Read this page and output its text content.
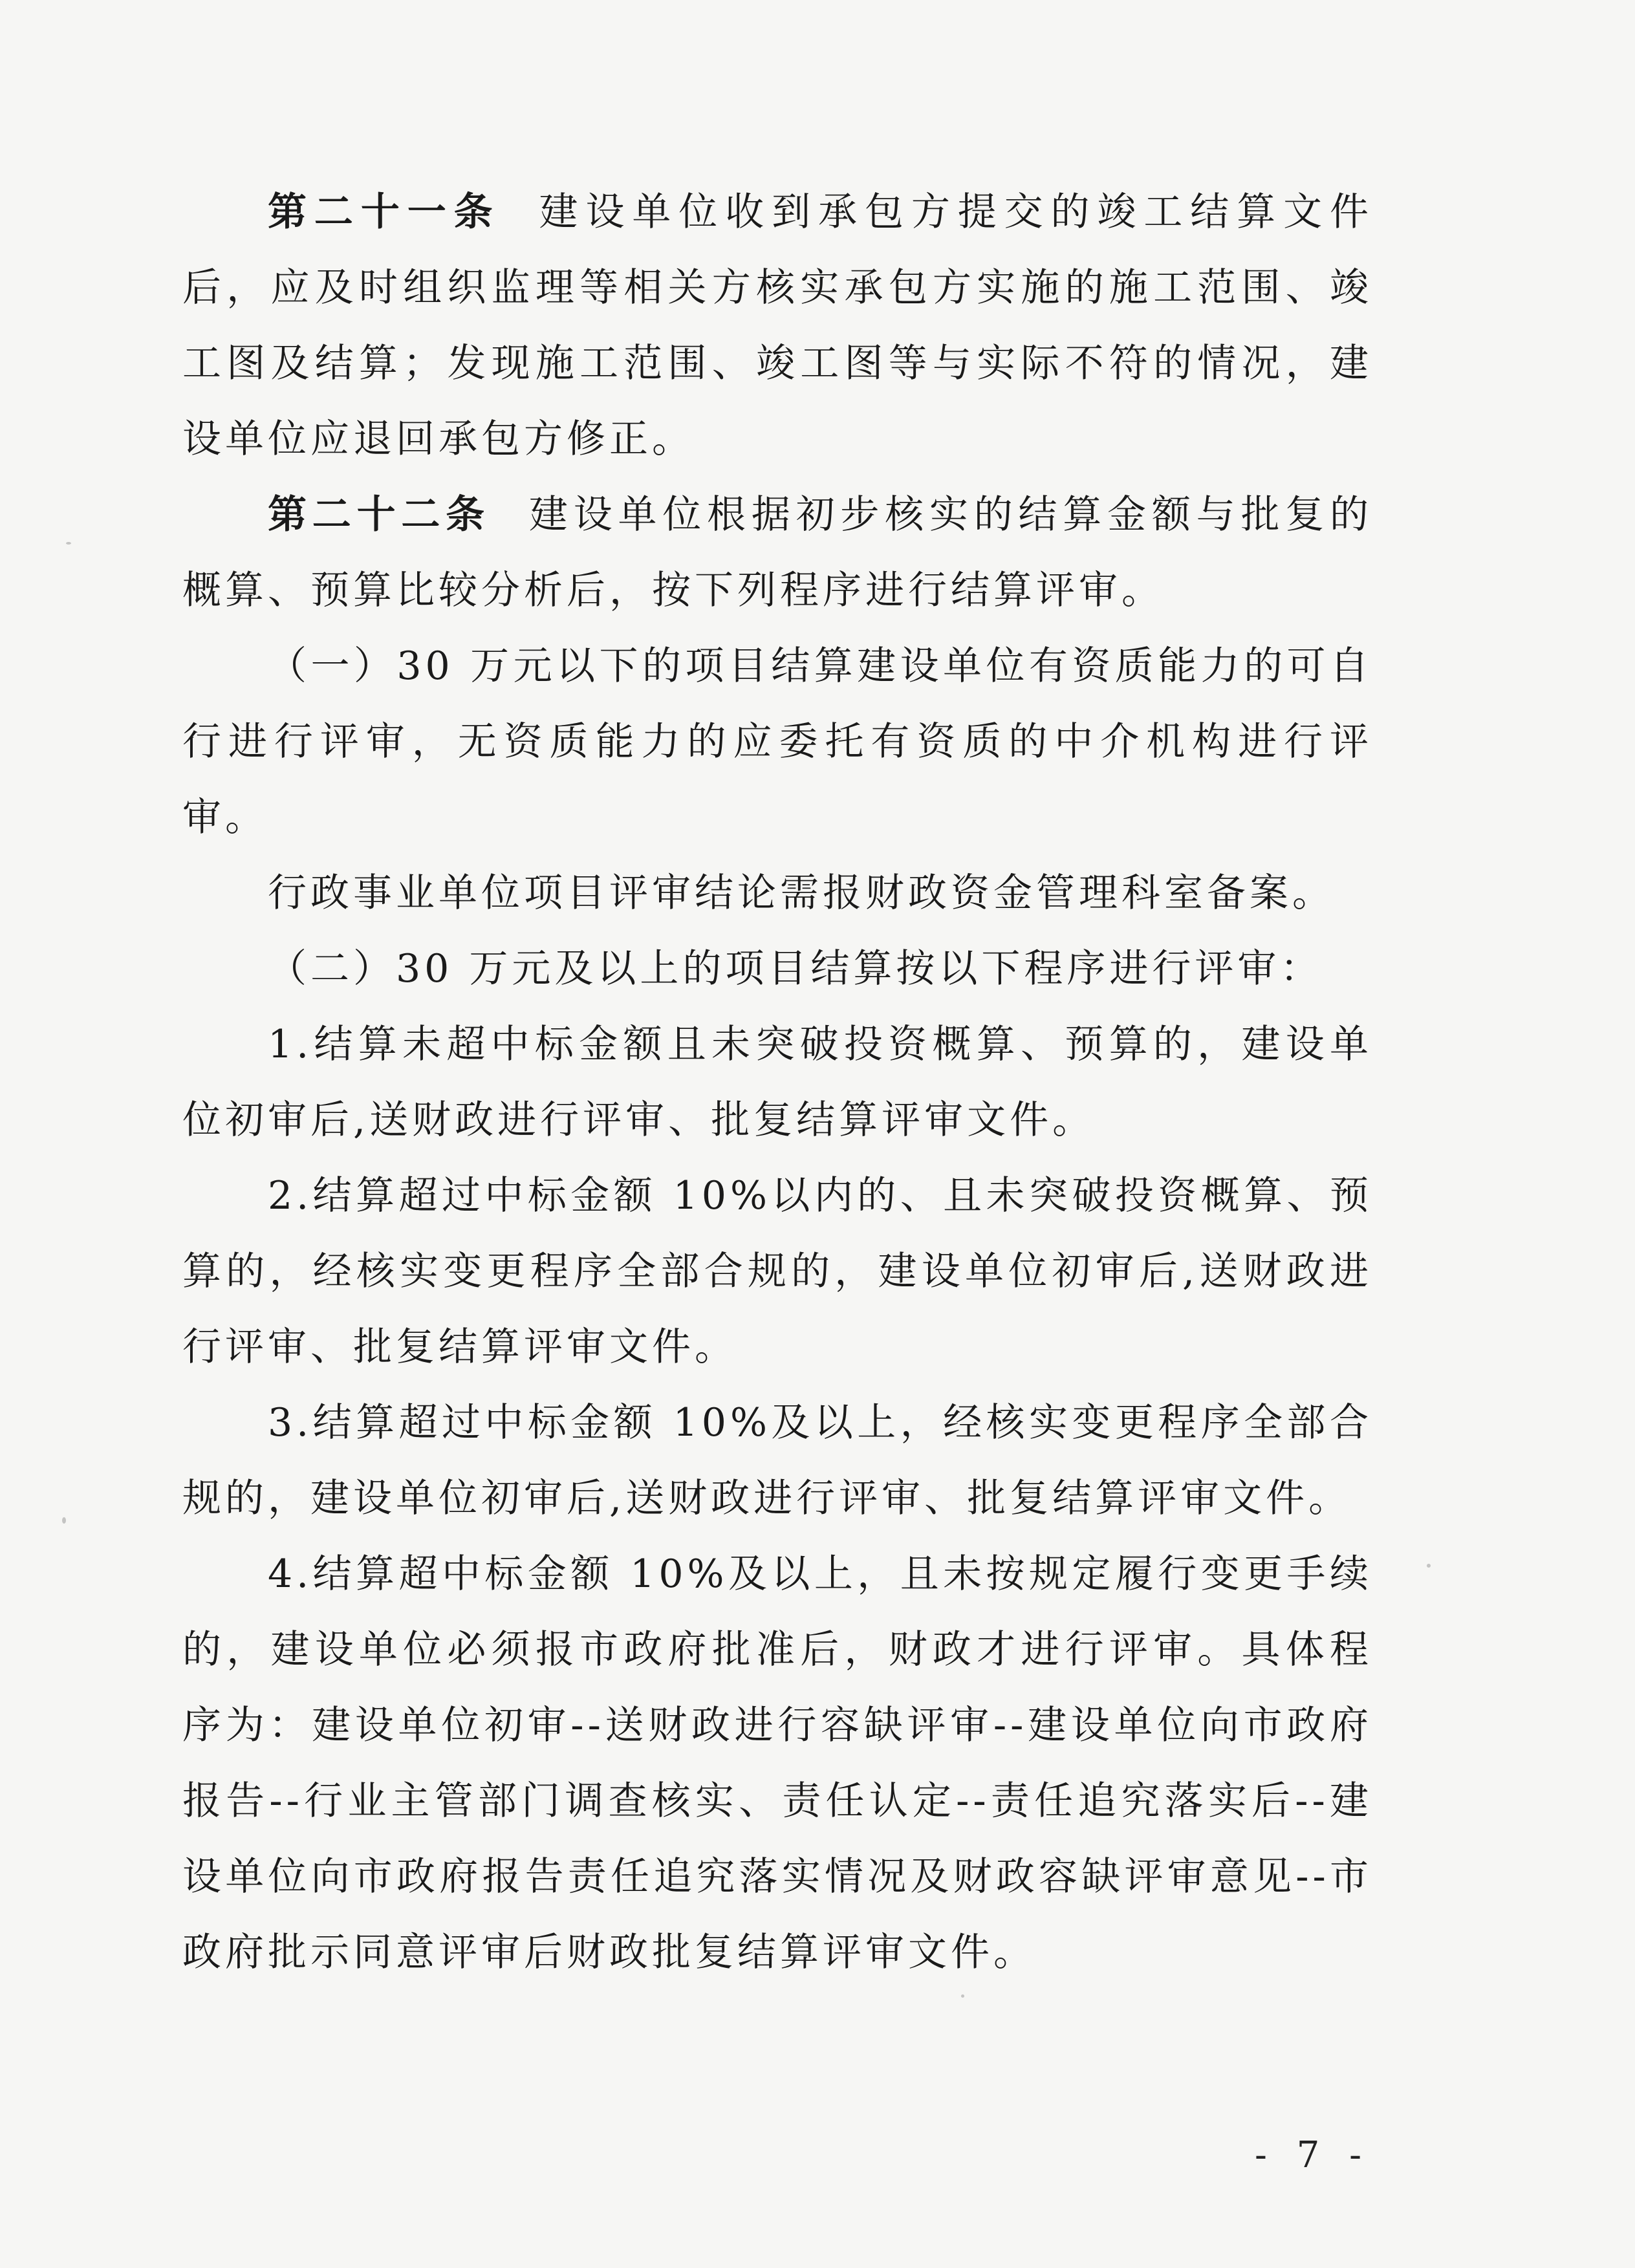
第二十一条 建设单位收到承包方提交的竣工结算文件后，应及时组织监理等相关方核实承包方实施的施工范围、竣工图及结算；发现施工范围、竣工图等与实际不符的情况，建设单位应退回承包方修正。

第二十二条 建设单位根据初步核实的结算金额与批复的概算、预算比较分析后，按下列程序进行结算评审。

（一）30 万元以下的项目结算建设单位有资质能力的可自行进行评审，无资质能力的应委托有资质的中介机构进行评审。

行政事业单位项目评审结论需报财政资金管理科室备案。

（二）30 万元及以上的项目结算按以下程序进行评审：

1.结算未超中标金额且未突破投资概算、预算的，建设单位初审后,送财政进行评审、批复结算评审文件。

2.结算超过中标金额 10%以内的、且未突破投资概算、预算的，经核实变更程序全部合规的，建设单位初审后,送财政进行评审、批复结算评审文件。

3.结算超过中标金额 10%及以上，经核实变更程序全部合规的，建设单位初审后,送财政进行评审、批复结算评审文件。

4.结算超中标金额 10%及以上，且未按规定履行变更手续的，建设单位必须报市政府批准后，财政才进行评审。具体程序为：建设单位初审--送财政进行容缺评审--建设单位向市政府报告--行业主管部门调查核实、责任认定--责任追究落实后--建设单位向市政府报告责任追究落实情况及财政容缺评审意见--市政府批示同意评审后财政批复结算评审文件。

- 7 -
